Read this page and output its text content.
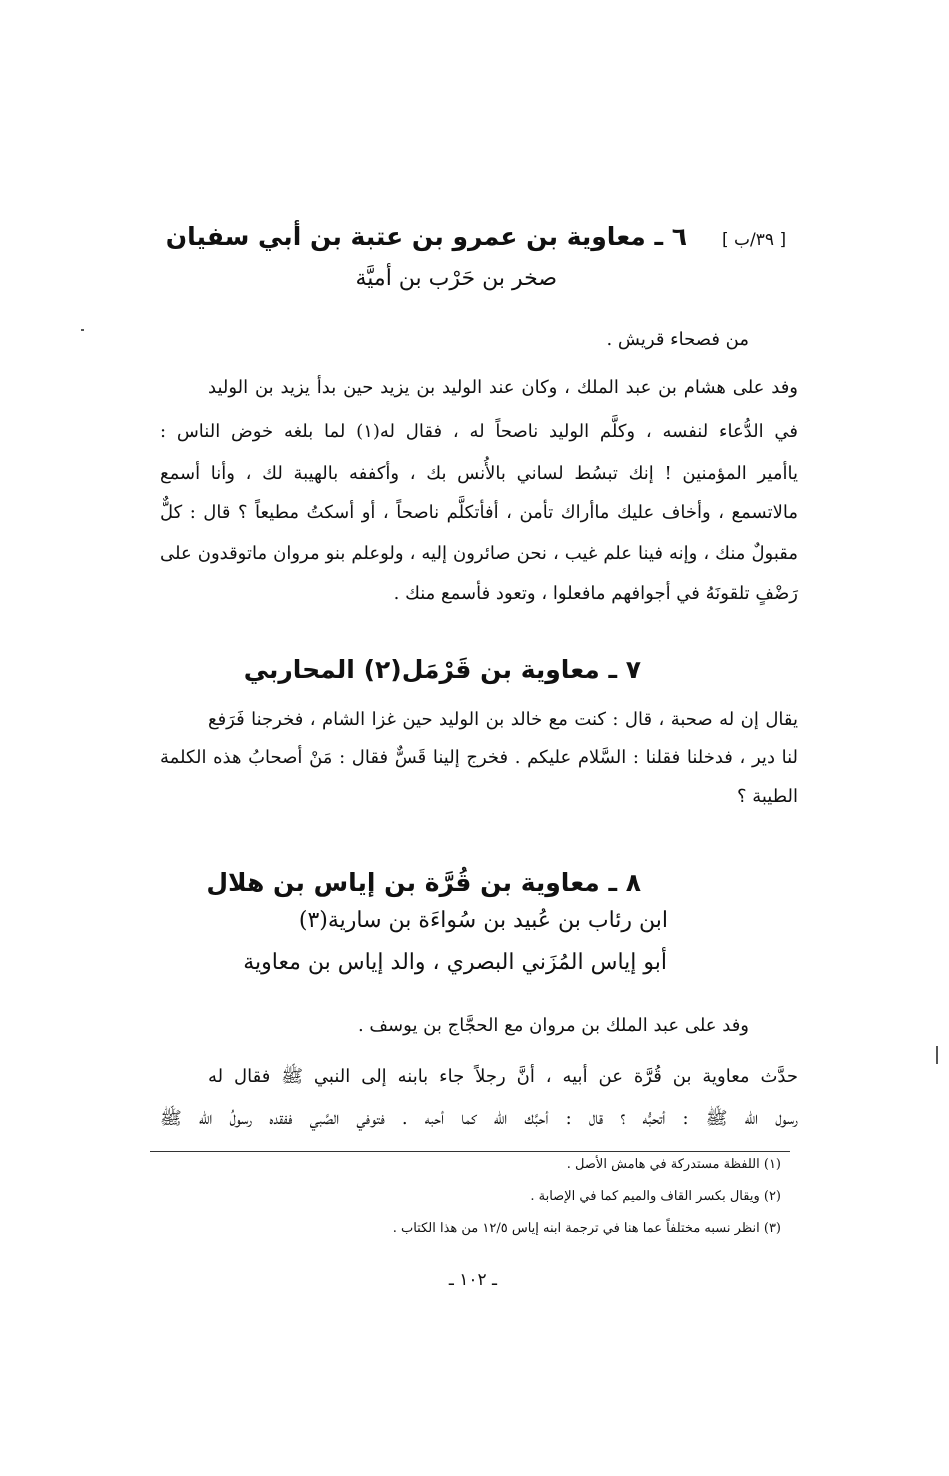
[ ٣٩/ب ]
٦ ـ معاوية بن عمرو بن عتبة بن أبي سفيان
صخر بن حَرْب بن أميَّة
من فصحاء قريش .
وفد على هشام بن عبد الملك ، وكان عند الوليد بن يزيد حين بدأ يزيد بن الوليد
في الدُّعاء لنفسه ، وكلَّم الوليد ناصحاً له ، فقال له(١) لما بلغه خوض الناس :
ياأمير المؤمنين ! إنك تبسُط لساني بالأُنس بك ، وأكففه بالهيبة لك ، وأنا أسمع
مالاتسمع ، وأخاف عليك ماأراك تأمن ، أفأتكلَّم ناصحاً ، أو أسكتُ مطيعاً ؟ قال : كلٌّ
مقبولٌ منك ، وإنه فينا علم غيب ، نحن صائرون إليه ، ولوعلم بنو مروان ماتوقدون على
رَضْفٍ تلقونَهُ في أجوافهم مافعلوا ، وتعود فأسمع منك .
٧ ـ معاوية بن قَرْمَل(٢) المحاربي
يقال إن له صحبة ، قال : كنت مع خالد بن الوليد حين غزا الشام ، فخرجنا فَرَفع
لنا دير ، فدخلنا فقلنا : السَّلام عليكم . فخرج إلينا قَسٌّ فقال : مَنْ أصحابُ هذه الكلمة
الطيبة ؟
٨ ـ معاوية بن قُرَّة بن إياس بن هلال
ابن رئاب بن عُبيد بن سُواءَة بن سارية(٣)
أبو إياس المُزَني البصري ، والد إياس بن معاوية
وفد على عبد الملك بن مروان مع الحجَّاج بن يوسف .
حدَّث معاوية بن قُرَّة عن أبيه ، أنَّ رجلاً جاء بابنه إلى النبي ﷺ فقال له
رسول الله ﷺ : أتحبُّه ؟ قال : أحبَّك الله كما أحبه . فتوفي الصَّبي ففقده رسولُ الله ﷺ
(١) اللفظة مستدركة في هامش الأصل .
(٢) ويقال بكسر القاف والميم كما في الإصابة .
(٣) انظر نسبه مختلفاً عما هنا في ترجمة ابنه إياس ١٢/٥ من هذا الكتاب .
ـ ١٠٢ ـ
